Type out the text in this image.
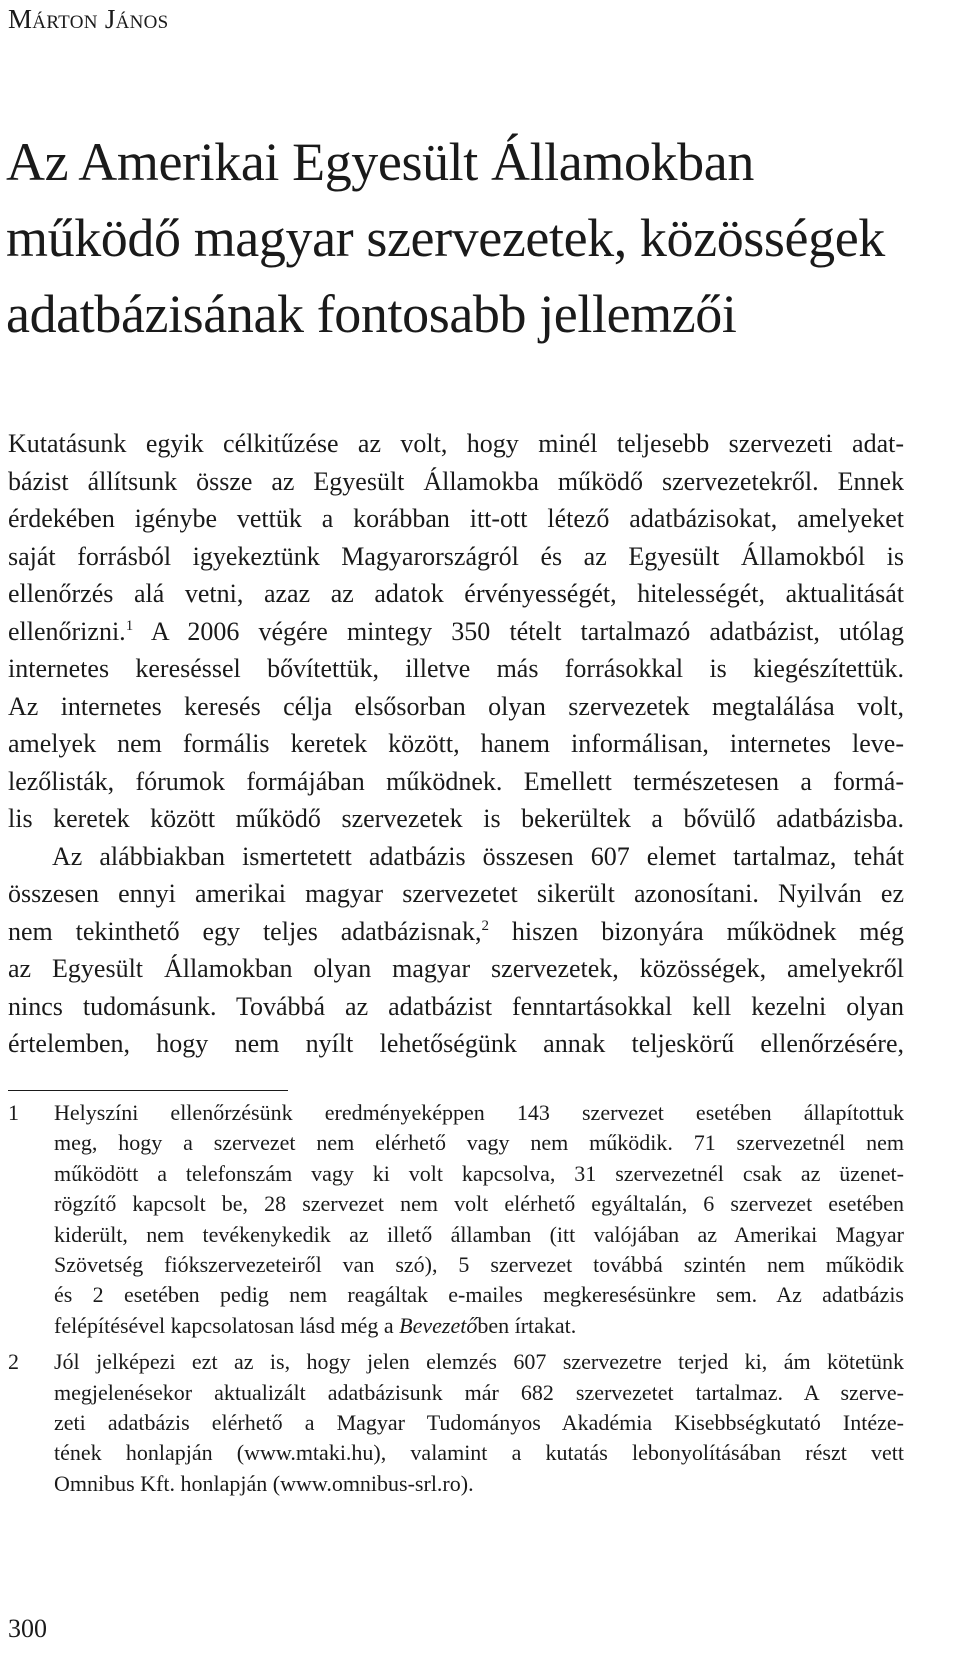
Márton János
Az Amerikai Egyesült Államokban
működő magyar szervezetek, közösségek
adatbázisának fontosabb jellemzői
Kutatásunk egyik célkitűzése az volt, hogy minél teljesebb szervezeti adat-
bázist állítsunk össze az Egyesült Államokba működő szervezetekről. Ennek
érdekében igénybe vettük a korábban itt-ott létező adatbázisokat, amelyeket
saját forrásból igyekeztünk Magyarországról és az Egyesült Államokból is
ellenőrzés alá vetni, azaz az adatok érvényességét, hitelességét, aktualitását
ellenőrizni.$^1$ A 2006 végére mintegy 350 tételt tartalmazó adatbázist, utólag
internetes kereséssel bővítettük, illetve más forrásokkal is kiegészítettük.
Az internetes keresés célja elsősorban olyan szervezetek megtalálása volt,
amelyek nem formális keretek között, hanem informálisan, internetes leve-
lezőlisták, fórumok formájában működnek. Emellett természetesen a formá-
lis keretek között működő szervezetek is bekerültek a bővülő adatbázisba.
Az alábbiakban ismertetett adatbázis összesen 607 elemet tartalmaz, tehát
összesen ennyi amerikai magyar szervezetet sikerült azonosítani. Nyilván ez
nem tekinthető egy teljes adatbázisnak,$^2$ hiszen bizonyára működnek még
az Egyesült Államokban olyan magyar szervezetek, közösségek, amelyekről
nincs tudomásunk. Továbbá az adatbázist fenntartásokkal kell kezelni olyan
értelemben, hogy nem nyílt lehetőségünk annak teljeskörű ellenőrzésére,
1 Helyszíni ellenőrzésünk eredményeképpen 143 szervezet esetében állapítottuk
meg, hogy a szervezet nem elérhető vagy nem működik. 71 szervezetnél nem
működött a telefonszám vagy ki volt kapcsolva, 31 szervezetnél csak az üzenet-
rögzítő kapcsolt be, 28 szervezet nem volt elérhető egyáltalán, 6 szervezet esetében
kiderült, nem tevékenykedik az illető államban (itt valójában az Amerikai Magyar
Szövetség fiókszervezeteiről van szó), 5 szervezet továbbá szintén nem működik
és 2 esetében pedig nem reagáltak e-mailes megkeresésünkre sem. Az adatbázis
felépítésével kapcsolatosan lásd még a Bevezetőben írtakat.
2 Jól jelképezi ezt az is, hogy jelen elemzés 607 szervezetre terjed ki, ám kötetünk
megjelenésekor aktualizált adatbázisunk már 682 szervezetet tartalmaz. A szerve-
zeti adatbázis elérhető a Magyar Tudományos Akadémia Kisebbségkutató Intéze-
tének honlapján (www.mtaki.hu), valamint a kutatás lebonyolításában részt vett
Omnibus Kft. honlapján (www.omnibus-srl.ro).
300
